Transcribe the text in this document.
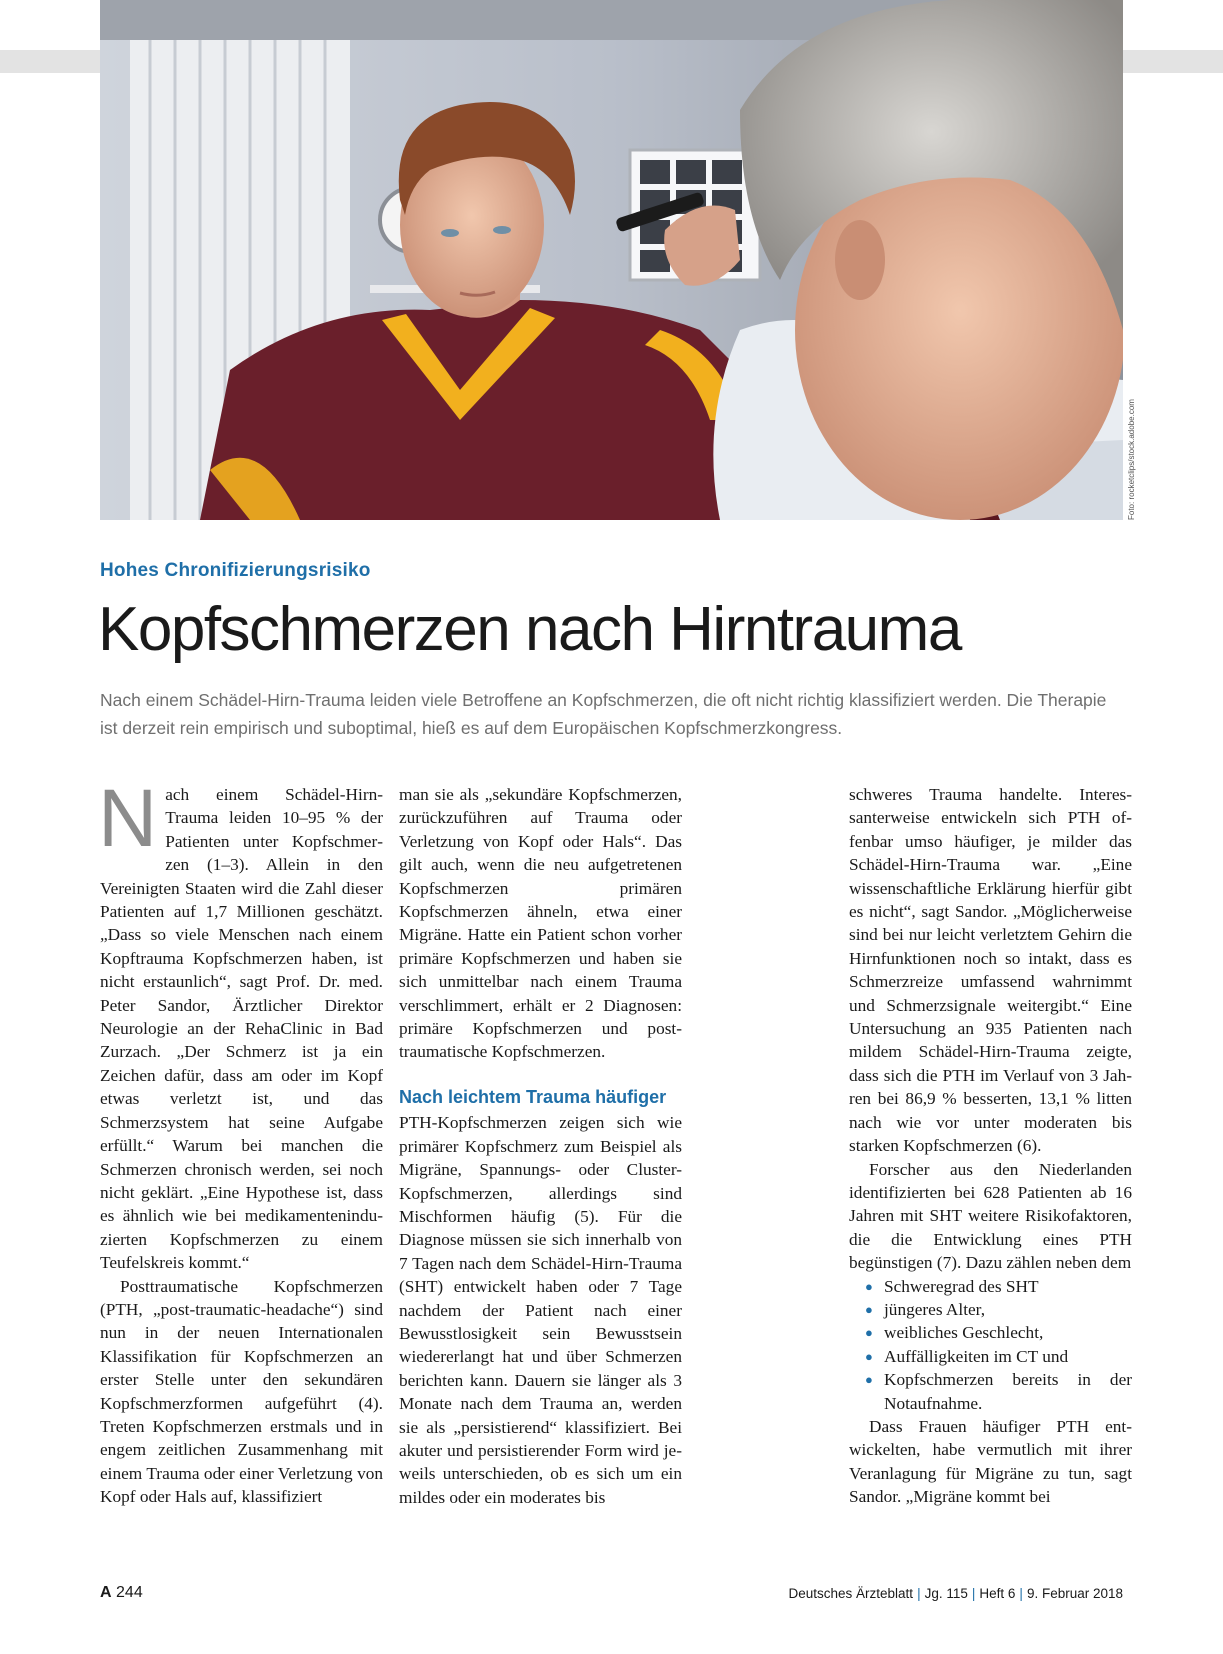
Foto: rocketclips/stock.adobe.com
Hohes Chronifizierungsrisiko
Kopfschmerzen nach Hirntrauma

Nach einem Schädel-Hirn-Trauma leiden viele Betroffene an Kopfschmerzen, die oft nicht richtig klassifiziert werden. Die Therapie ist derzeit rein empirisch und suboptimal, hieß es auf dem Europäischen Kopfschmerzkongress.

Nach einem Schädel-Hirn-Trauma leiden 10–95 % der Patienten unter Kopfschmerzen (1–3). Allein in den Vereinigten Staaten wird die Zahl dieser Patienten auf 1,7 Millionen geschätzt. „Dass so viele Menschen nach einem Kopftrauma Kopfschmerzen haben, ist nicht erstaunlich“, sagt Prof. Dr. med. Peter Sandor, Ärztlicher Direktor Neurologie an der RehaClinic in Bad Zurzach. „Der Schmerz ist ja ein Zeichen dafür, dass am oder im Kopf etwas verletzt ist, und das Schmerzsystem hat seine Aufgabe erfüllt.“ Warum bei manchen die Schmerzen chronisch werden, sei noch nicht geklärt. „Eine Hypothese ist, dass es ähnlich wie bei medikamenteninduzierten Kopfschmerzen zu einem Teufelskreis kommt.“

Posttraumatische Kopfschmerzen (PTH, „post-traumatic-headache“) sind nun in der neuen Internationalen Klassifikation für Kopfschmerzen an erster Stelle unter den sekundären Kopfschmerzformen aufgeführt (4). Treten Kopfschmerzen erstmals und in engem zeitlichen Zusammenhang mit einem Trauma oder einer Verletzung von Kopf oder Hals auf, klassifiziert

man sie als „sekundäre Kopfschmerzen, zurückzuführen auf Trauma oder Verletzung von Kopf oder Hals“. Das gilt auch, wenn die neu aufgetretenen Kopfschmerzen primären Kopfschmerzen ähneln, etwa einer Migräne. Hatte ein Patient schon vorher primäre Kopfschmerzen und haben sie sich unmittelbar nach einem Trauma verschlimmert, erhält er 2 Diagnosen: primäre Kopfschmerzen und posttraumatische Kopfschmerzen.

Nach leichtem Trauma häufiger

PTH-Kopfschmerzen zeigen sich wie primärer Kopfschmerz zum Beispiel als Migräne, Spannungs- oder Cluster-Kopfschmerzen, allerdings sind Mischformen häufig (5). Für die Diagnose müssen sie sich innerhalb von 7 Tagen nach dem Schädel-Hirn-Trauma (SHT) entwickelt haben oder 7 Tage nachdem der Patient nach einer Bewusstlosigkeit sein Bewusstsein wiedererlangt hat und über Schmerzen berichten kann. Dauern sie länger als 3 Monate nach dem Trauma an, werden sie als „persistierend“ klassifiziert. Bei akuter und persistierender Form wird jeweils unterschieden, ob es sich um ein mildes oder ein moderates bis

schweres Trauma handelte. Interessanterweise entwickeln sich PTH offenbar umso häufiger, je milder das Schädel-Hirn-Trauma war. „Eine wissenschaftliche Erklärung hierfür gibt es nicht“, sagt Sandor. „Möglicherweise sind bei nur leicht verletztem Gehirn die Hirnfunktionen noch so intakt, dass es Schmerzreize umfassend wahrnimmt und Schmerzsignale weitergibt.“ Eine Untersuchung an 935 Patienten nach mildem Schädel-Hirn-Trauma zeigte, dass sich die PTH im Verlauf von 3 Jahren bei 86,9 % besserten, 13,1 % litten nach wie vor unter moderaten bis starken Kopfschmerzen (6).

Forscher aus den Niederlanden identifizierten bei 628 Patienten ab 16 Jahren mit SHT weitere Risikofaktoren, die die Entwicklung eines PTH begünstigen (7). Dazu zählen neben dem

● Schweregrad des SHT
● jüngeres Alter,
● weibliches Geschlecht,
● Auffälligkeiten im CT und
● Kopfschmerzen bereits in der Notaufnahme.

Dass Frauen häufiger PTH entwickelten, habe vermutlich mit ihrer Veranlagung für Migräne zu tun, sagt Sandor. „Migräne kommt bei

A 244	Deutsches Ärzteblatt | Jg. 115 | Heft 6 | 9. Februar 2018
